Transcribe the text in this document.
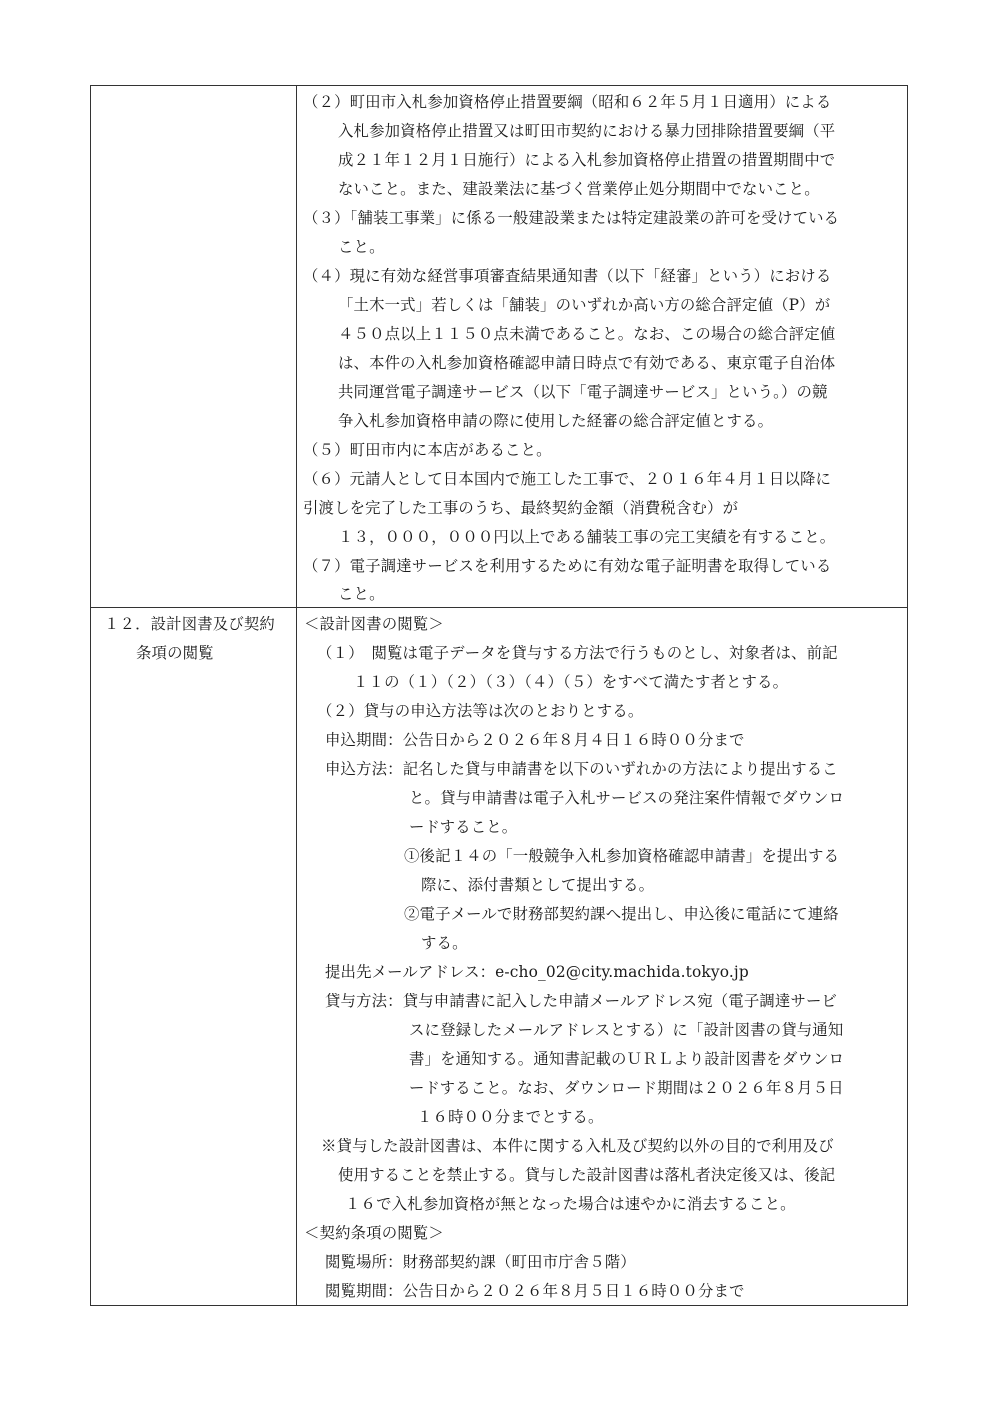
（２）町田市入札参加資格停止措置要綱（昭和６２年５月１日適用）による
入札参加資格停止措置又は町田市契約における暴力団排除措置要綱（平
成２１年１２月１日施行）による入札参加資格停止措置の措置期間中で
ないこと。また、建設業法に基づく営業停止処分期間中でないこと。
（３）「舗装工事業」に係る一般建設業または特定建設業の許可を受けている
こと。
（４）現に有効な経営事項審査結果通知書（以下「経審」という）における
「土木一式」若しくは「舗装」のいずれか高い方の総合評定値（P）が
４５０点以上１１５０点未満であること。なお、この場合の総合評定値
は、本件の入札参加資格確認申請日時点で有効である、東京電子自治体
共同運営電子調達サービス（以下「電子調達サービス」という。）の競
争入札参加資格申請の際に使用した経審の総合評定値とする。
（５）町田市内に本店があること。
（６）元請人として日本国内で施工した工事で、２０１６年４月１日以降に
引渡しを完了した工事のうち、最終契約金額（消費税含む）が
１３，０００，０００円以上である舗装工事の完工実績を有すること。
（７）電子調達サービスを利用するために有効な電子証明書を取得している
こと。
１２．設計図書及び契約
条項の閲覧
＜設計図書の閲覧＞
（１）　閲覧は電子データを貸与する方法で行うものとし、対象者は、前記
１１の（１）（２）（３）（４）（５）をすべて満たす者とする。
（２）貸与の申込方法等は次のとおりとする。
申込期間：公告日から２０２６年８月４日１６時００分まで
申込方法：記名した貸与申請書を以下のいずれかの方法により提出するこ
と。貸与申請書は電子入札サービスの発注案件情報でダウンロ
ードすること。
①後記１４の「一般競争入札参加資格確認申請書」を提出する
際に、添付書類として提出する。
②電子メールで財務部契約課へ提出し、申込後に電話にて連絡
する。
提出先メールアドレス：e-cho_02@city.machida.tokyo.jp
貸与方法：貸与申請書に記入した申請メールアドレス宛（電子調達サービ
スに登録したメールアドレスとする）に「設計図書の貸与通知
書」を通知する。通知書記載のＵＲＬより設計図書をダウンロ
ードすること。なお、ダウンロード期間は２０２６年８月５日
１６時００分までとする。
※貸与した設計図書は、本件に関する入札及び契約以外の目的で利用及び
使用することを禁止する。貸与した設計図書は落札者決定後又は、後記
１６で入札参加資格が無となった場合は速やかに消去すること。
＜契約条項の閲覧＞
閲覧場所：財務部契約課（町田市庁舎５階）
閲覧期間：公告日から２０２６年８月５日１６時００分まで
